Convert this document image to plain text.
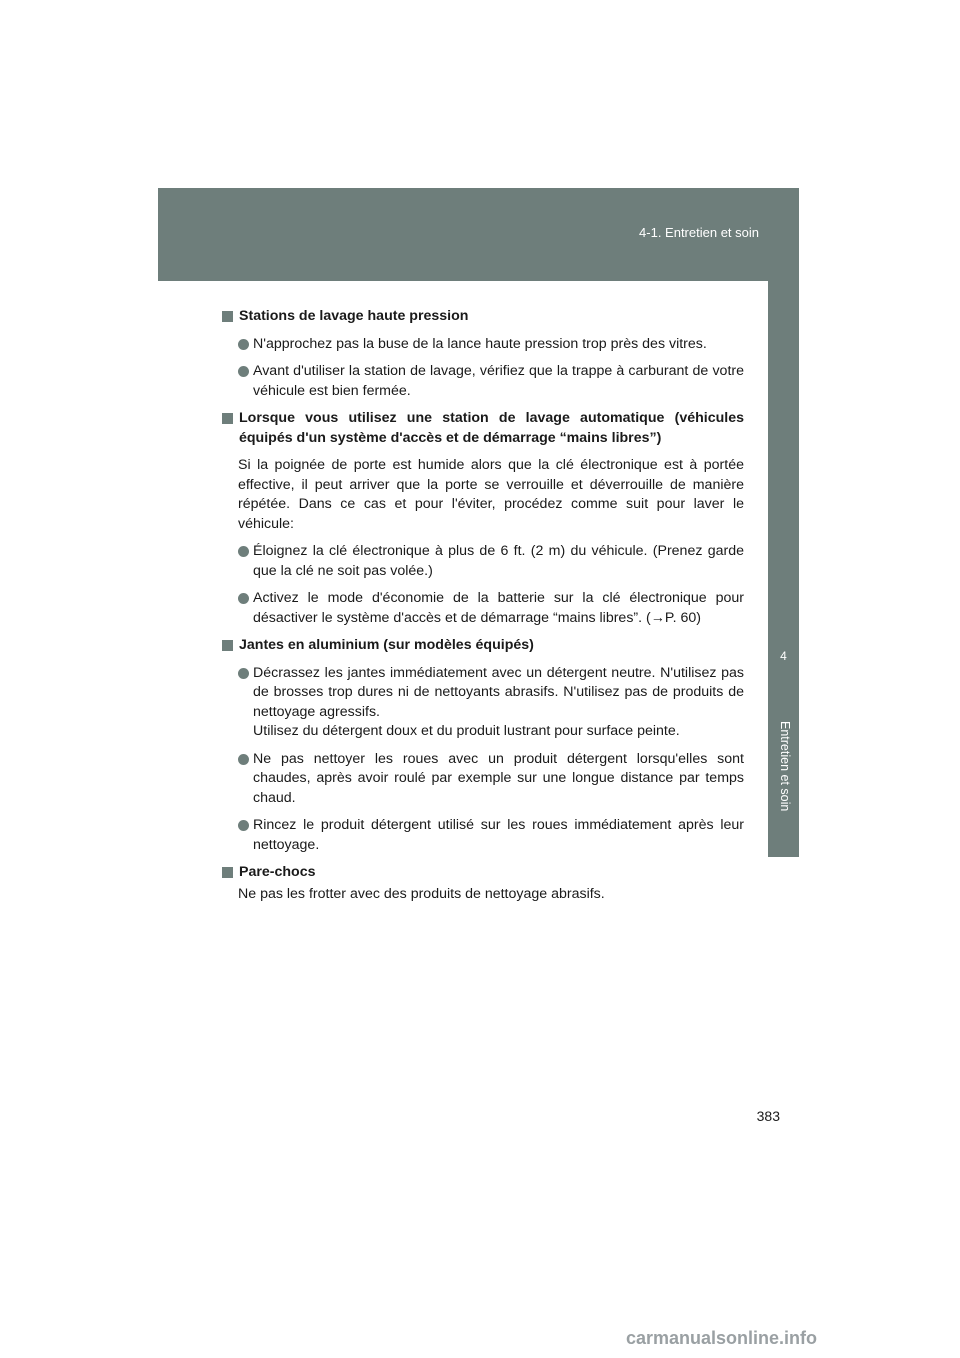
4-1. Entretien et soin
4
Entretien et soin
Stations de lavage haute pression
N'approchez pas la buse de la lance haute pression trop près des vitres.
Avant d'utiliser la station de lavage, vérifiez que la trappe à carburant de votre véhicule est bien fermée.
Lorsque vous utilisez une station de lavage automatique (véhicules équipés d'un système d'accès et de démarrage “mains libres”)
Si la poignée de porte est humide alors que la clé électronique est à portée effective, il peut arriver que la porte se verrouille et déverrouille de manière répétée. Dans ce cas et pour l'éviter, procédez comme suit pour laver le véhicule:
Éloignez la clé électronique à plus de 6 ft. (2 m) du véhicule. (Prenez garde que la clé ne soit pas volée.)
Activez le mode d'économie de la batterie sur la clé électronique pour désactiver le système d'accès et de démarrage “mains libres”. (→P. 60)
Jantes en aluminium (sur modèles équipés)
Décrassez les jantes immédiatement avec un détergent neutre. N'utilisez pas de brosses trop dures ni de nettoyants abrasifs. N'utilisez pas de produits de nettoyage agressifs.
Utilisez du détergent doux et du produit lustrant pour surface peinte.
Ne pas nettoyer les roues avec un produit détergent lorsqu'elles sont chaudes, après avoir roulé par exemple sur une longue distance par temps chaud.
Rincez le produit détergent utilisé sur les roues immédiatement après leur nettoyage.
Pare-chocs
Ne pas les frotter avec des produits de nettoyage abrasifs.
383
carmanualsonline.info
